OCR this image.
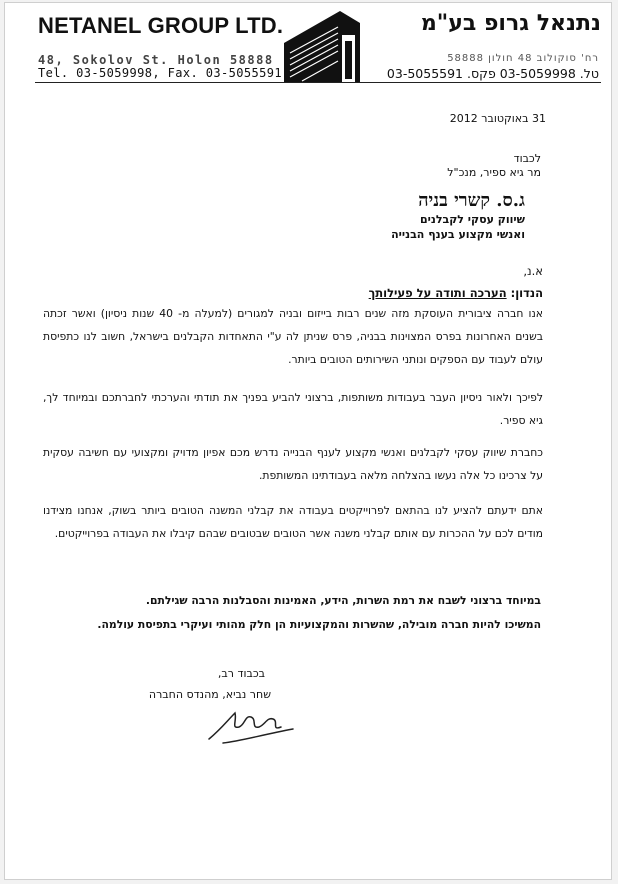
NETANEL GROUP LTD.	נתנאל גרופ בע"מ
48, Sokolov St. Holon 58888
Tel. 03-5059998, Fax. 03-5055591
רח' סוקולוב 48 חולון 58888
טל. 03-5059998 פקס. 03-5055591
31 באוקטובר 2012
לכבוד
מר גיא ספיר, מנכ"ל
ג.ס. קשרי בניה
שיווק עסקי לקבלנים
ואנשי מקצוע בענף הבנייה
א.נ,
הנדון: הערכה ותודה על פעילותך
אנו חברה ציבורית העוסקת מזה שנים רבות בייזום ובניה למגורים (למעלה מ- 40 שנות ניסיון) ואשר זכתה בשנים האחרונות בפרס המצוינות בבניה, פרס שניתן לה ע"י התאחדות הקבלנים בישראל, חשוב לנו כתפיסת עולם לעבוד עם הספקים ונותני השירותים הטובים ביותר.
לפיכך ולאור ניסיון העבר בעבודות משותפות, ברצוני להביע בפניך את תודתי והערכתי לחברתכם ובמיוחד לך, גיא ספיר.
כחברת שיווק עסקי לקבלנים ואנשי מקצוע לענף הבנייה נדרש מכם אפיון מדויק ומקצועי עם חשיבה עסקית על צרכינו כל אלה נעשו בהצלחה מלאה בעבודתינו המשותפת.
אתם ידעתם להציע לנו בהתאם לפרוייקטים בעבודה את קבלני המשנה הטובים ביותר בשוק, אנחנו מצידנו מודים לכם על ההכרות עם אותם קבלני משנה אשר הטובים שבטובים שבהם קיבלו את העבודה בפרוייקטים.
במיוחד ברצוני לשבח את רמת השרות, הידע, האמינות והסבלנות הרבה שגילתם.
המשיכו להיות חברה מובילה, שהשרות והמקצועיות הן חלק מהותי ועיקרי בתפיסת עולמה.
בכבוד רב,
שחר נביא, מהנדס החברה
